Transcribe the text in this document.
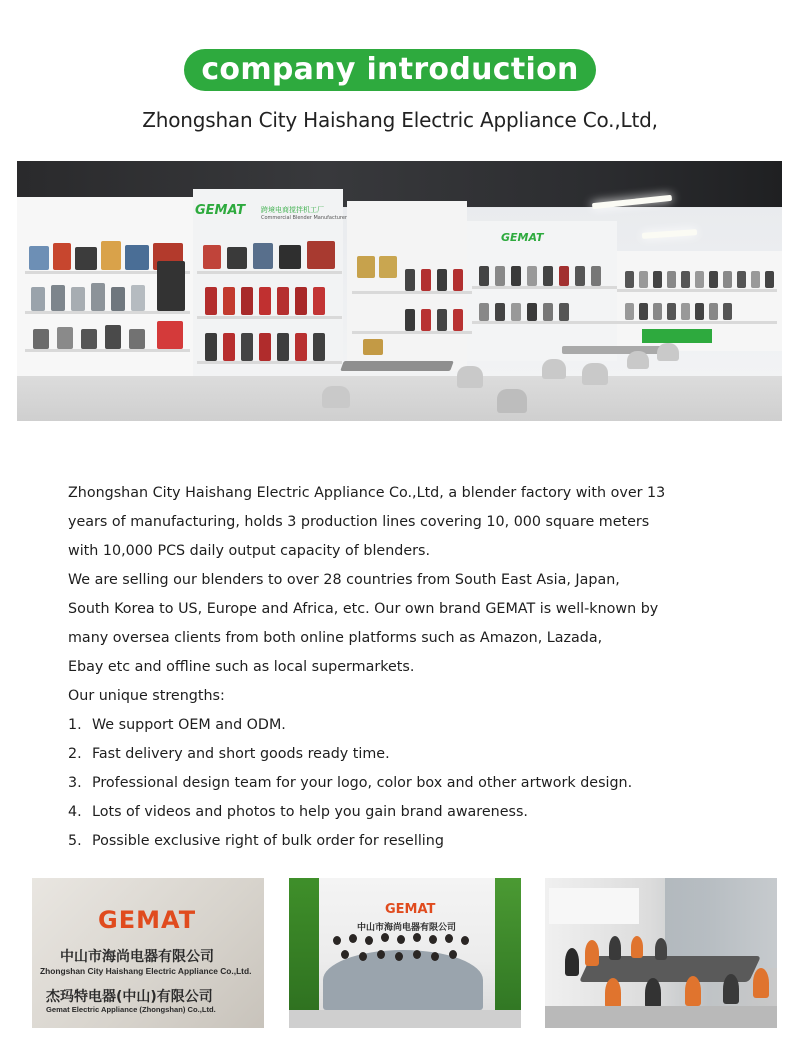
company introduction
Zhongshan City Haishang Electric Appliance Co.,Ltd,
GEMAT 跨境电商搅拌机工厂
Commercial Blender Manufacturer
GEMAT

Zhongshan City Haishang Electric Appliance Co.,Ltd, a blender factory with over 13

years of manufacturing, holds 3 production lines covering 10, 000 square meters

with 10,000 PCS daily output capacity of blenders.

We are selling our blenders to over 28 countries from South East Asia, Japan,

South Korea to US, Europe and Africa, etc. Our own brand GEMAT is well-known by

many oversea clients from both online platforms such as Amazon, Lazada,

Ebay etc and offline such as local supermarkets.

Our unique strengths:

1. We support OEM and ODM.
2. Fast delivery and short goods ready time.
3. Professional design team for your logo, color box and other artwork design.
4. Lots of videos and photos to help you gain brand awareness.
5. Possible exclusive right of bulk order for reselling
GEMAT
中山市海尚电器有限公司
Zhongshan City Haishang Electric Appliance Co.,Ltd.
杰玛特电器(中山)有限公司
Gemat Electric Appliance (Zhongshan) Co.,Ltd.
GEMAT
中山市海尚电器有限公司
